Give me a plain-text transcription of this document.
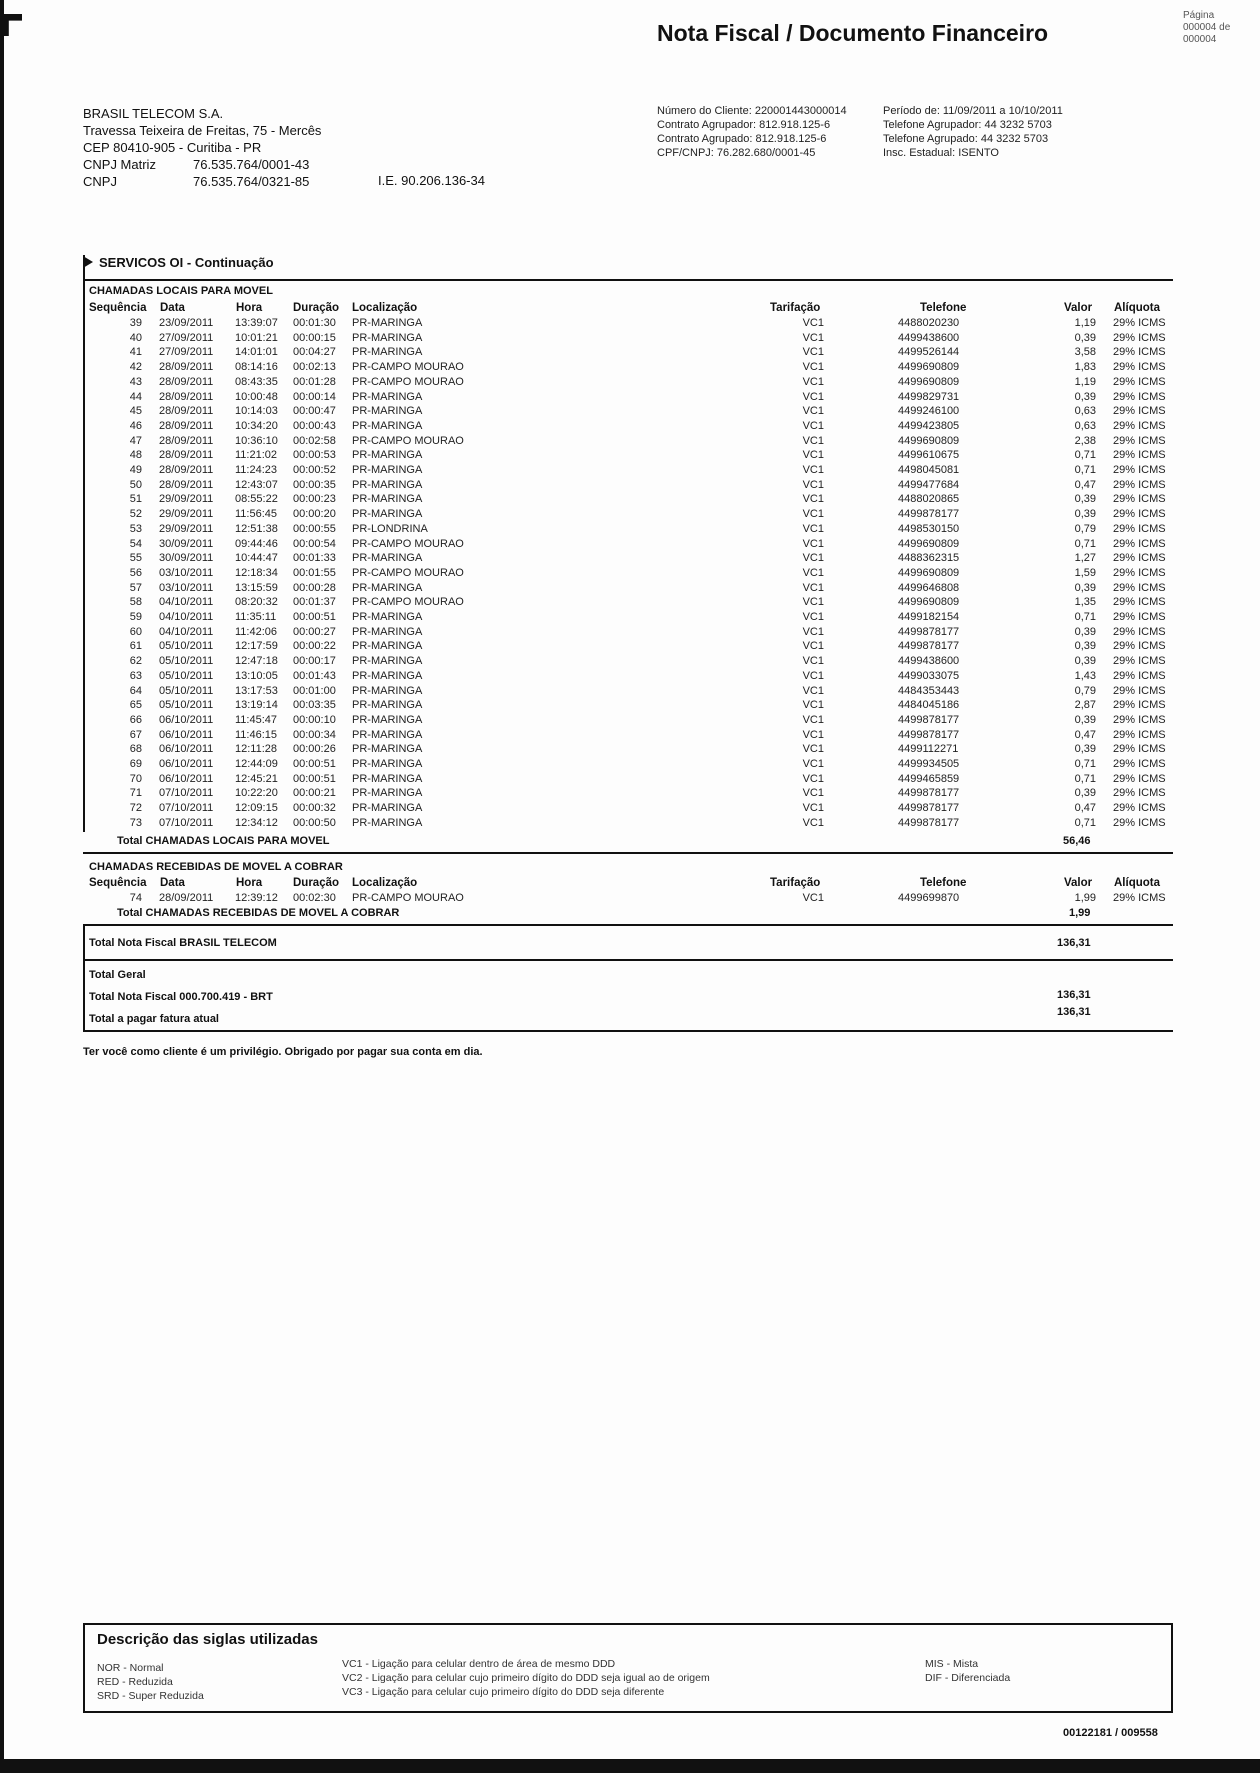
Nota Fiscal / Documento Financeiro
Página
000004 de
000004
BRASIL TELECOM S.A.
Travessa Teixeira de Freitas, 75 - Mercês
CEP 80410-905 - Curitiba - PR
CNPJ Matriz	76.535.764/0001-43
CNPJ	76.535.764/0321-85	I.E. 90.206.136-34
Número do Cliente: 220001443000014
Contrato Agrupador: 812.918.125-6
Contrato Agrupado: 812.918.125-6
CPF/CNPJ: 76.282.680/0001-45
Período de: 11/09/2011 a 10/10/2011
Telefone Agrupador: 44 3232 5703
Telefone Agrupado: 44 3232 5703
Insc. Estadual: ISENTO
SERVICOS OI - Continuação
CHAMADAS LOCAIS PARA MOVEL
Sequência Data	Hora	Duração Localização	Tarifação	Telefone	Valor Alíquota
39 23/09/2011 13:39:07 00:01:30 PR-MARINGA	VC1	4488020230	1,19 29% ICMS
40 27/09/2011 10:01:21 00:00:15 PR-MARINGA	VC1	4499438600	0,39 29% ICMS
41 27/09/2011 14:01:01 00:04:27 PR-MARINGA	VC1	4499526144	3,58 29% ICMS
42 28/09/2011 08:14:16 00:02:13 PR-CAMPO MOURAO	VC1	4499690809	1,83 29% ICMS
43 28/09/2011 08:43:35 00:01:28 PR-CAMPO MOURAO	VC1	4499690809	1,19 29% ICMS
44 28/09/2011 10:00:48 00:00:14 PR-MARINGA	VC1	4499829731	0,39 29% ICMS
45 28/09/2011 10:14:03 00:00:47 PR-MARINGA	VC1	4499246100	0,63 29% ICMS
46 28/09/2011 10:34:20 00:00:43 PR-MARINGA	VC1	4499423805	0,63 29% ICMS
47 28/09/2011 10:36:10 00:02:58 PR-CAMPO MOURAO	VC1	4499690809	2,38 29% ICMS
48 28/09/2011 11:21:02 00:00:53 PR-MARINGA	VC1	4499610675	0,71 29% ICMS
49 28/09/2011 11:24:23 00:00:52 PR-MARINGA	VC1	4498045081	0,71 29% ICMS
50 28/09/2011 12:43:07 00:00:35 PR-MARINGA	VC1	4499477684	0,47 29% ICMS
51 29/09/2011 08:55:22 00:00:23 PR-MARINGA	VC1	4488020865	0,39 29% ICMS
52 29/09/2011 11:56:45 00:00:20 PR-MARINGA	VC1	4499878177	0,39 29% ICMS
53 29/09/2011 12:51:38 00:00:55 PR-LONDRINA	VC1	4498530150	0,79 29% ICMS
54 30/09/2011 09:44:46 00:00:54 PR-CAMPO MOURAO	VC1	4499690809	0,71 29% ICMS
55 30/09/2011 10:44:47 00:01:33 PR-MARINGA	VC1	4488362315	1,27 29% ICMS
56 03/10/2011 12:18:34 00:01:55 PR-CAMPO MOURAO	VC1	4499690809	1,59 29% ICMS
57 03/10/2011 13:15:59 00:00:28 PR-MARINGA	VC1	4499646808	0,39 29% ICMS
58 04/10/2011 08:20:32 00:01:37 PR-CAMPO MOURAO	VC1	4499690809	1,35 29% ICMS
59 04/10/2011 11:35:11 00:00:51 PR-MARINGA	VC1	4499182154	0,71 29% ICMS
60 04/10/2011 11:42:06 00:00:27 PR-MARINGA	VC1	4499878177	0,39 29% ICMS
61 05/10/2011 12:17:59 00:00:22 PR-MARINGA	VC1	4499878177	0,39 29% ICMS
62 05/10/2011 12:47:18 00:00:17 PR-MARINGA	VC1	4499438600	0,39 29% ICMS
63 05/10/2011 13:10:05 00:01:43 PR-MARINGA	VC1	4499033075	1,43 29% ICMS
64 05/10/2011 13:17:53 00:01:00 PR-MARINGA	VC1	4484353443	0,79 29% ICMS
65 05/10/2011 13:19:14 00:03:35 PR-MARINGA	VC1	4484045186	2,87 29% ICMS
66 06/10/2011 11:45:47 00:00:10 PR-MARINGA	VC1	4499878177	0,39 29% ICMS
67 06/10/2011 11:46:15 00:00:34 PR-MARINGA	VC1	4499878177	0,47 29% ICMS
68 06/10/2011 12:11:28 00:00:26 PR-MARINGA	VC1	4499112271	0,39 29% ICMS
69 06/10/2011 12:44:09 00:00:51 PR-MARINGA	VC1	4499934505	0,71 29% ICMS
70 06/10/2011 12:45:21 00:00:51 PR-MARINGA	VC1	4499465859	0,71 29% ICMS
71 07/10/2011 10:22:20 00:00:21 PR-MARINGA	VC1	4499878177	0,39 29% ICMS
72 07/10/2011 12:09:15 00:00:32 PR-MARINGA	VC1	4499878177	0,47 29% ICMS
73 07/10/2011 12:34:12 00:00:50 PR-MARINGA	VC1	4499878177	0,71 29% ICMS
Total CHAMADAS LOCAIS PARA MOVEL	56,46
CHAMADAS RECEBIDAS DE MOVEL A COBRAR
Sequência Data	Hora	Duração Localização	Tarifação	Telefone	Valor Alíquota
74 28/09/2011 12:39:12 00:02:30 PR-CAMPO MOURAO	VC1	4499699870	1,99 29% ICMS
Total CHAMADAS RECEBIDAS DE MOVEL A COBRAR	1,99
Total Nota Fiscal BRASIL TELECOM	136,31
Total Geral
Total Nota Fiscal 000.700.419 - BRT	136,31
Total a pagar fatura atual
136,31
Ter você como cliente é um privilégio. Obrigado por pagar sua conta em dia.
Descrição das siglas utilizadas
NOR - Normal
RED - Reduzida
SRD - Super Reduzida
VC1 - Ligação para celular dentro de área de mesmo DDD
VC2 - Ligação para celular cujo primeiro dígito do DDD seja igual ao de origem
VC3 - Ligação para celular cujo primeiro dígito do DDD seja diferente
MIS - Mista
DIF - Diferenciada
00122181 / 009558
